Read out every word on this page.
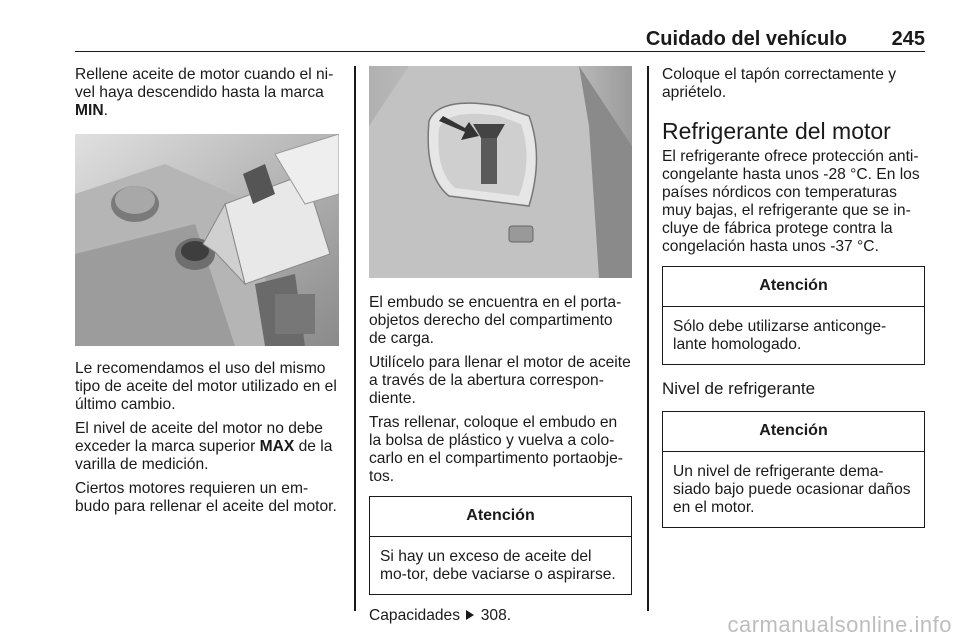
Cuidado del vehículo 245

Rellene aceite de motor cuando el ni-vel haya descendido hasta la marca MIN.

Le recomendamos el uso del mismo tipo de aceite del motor utilizado en el último cambio.

El nivel de aceite del motor no debe exceder la marca superior MAX de la varilla de medición.

Ciertos motores requieren un em-budo para rellenar el aceite del motor.

El embudo se encuentra en el porta-objetos derecho del compartimento de carga.

Utilícelo para llenar el motor de aceite a través de la abertura correspon-diente.

Tras rellenar, coloque el embudo en la bolsa de plástico y vuelva a colo-carlo en el compartimento portaobje-tos.

Atención
Si hay un exceso de aceite del mo-tor, debe vaciarse o aspirarse.

Capacidades 308.

Coloque el tapón correctamente y apriételo.

Refrigerante del motor

El refrigerante ofrece protección anti-congelante hasta unos -28 °C. En los países nórdicos con temperaturas muy bajas, el refrigerante que se in-cluye de fábrica protege contra la congelación hasta unos -37 °C.

Atención
Sólo debe utilizarse anticonge-lante homologado.
Nivel de refrigerante
Atención
Un nivel de refrigerante dema-siado bajo puede ocasionar daños en el motor.
carmanualsonline.info
